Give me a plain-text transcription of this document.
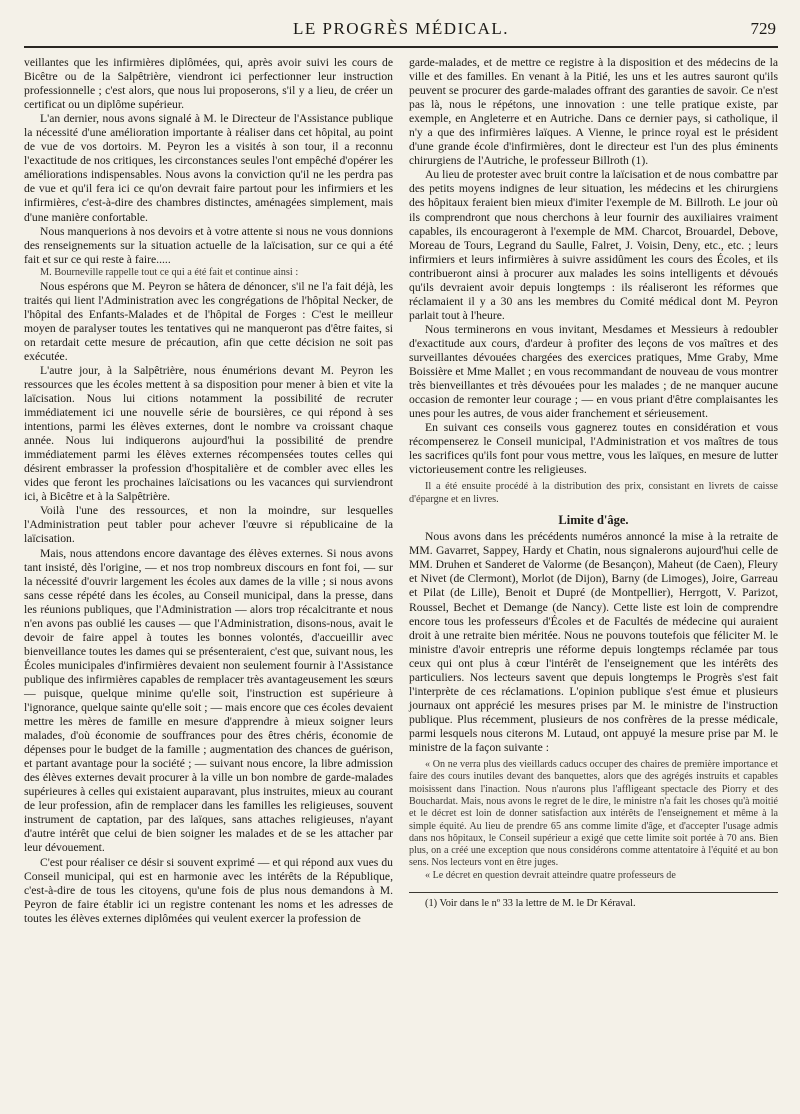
LE PROGRÈS MÉDICAL.	729

veillantes que les infirmières diplômées, qui, après avoir suivi les cours de Bicêtre ou de la Salpêtrière, viendront ici perfectionner leur instruction professionnelle ; c'est alors, que nous lui proposerons, s'il y a lieu, de créer un certificat ou un diplôme supérieur.

L'an dernier, nous avons signalé à M. le Directeur de l'Assistance publique la nécessité d'une amélioration importante à réaliser dans cet hôpital, au point de vue de vos dortoirs. M. Peyron les a visités à son tour, il a reconnu l'exactitude de nos critiques, les circonstances seules l'ont empêché d'opérer les améliorations indispensables. Nous avons la conviction qu'il ne les perdra pas de vue et qu'il fera ici ce qu'on devrait faire partout pour les infirmiers et les infirmières, c'est-à-dire des chambres distinctes, aménagées simplement, mais d'une manière confortable.

Nous manquerions à nos devoirs et à votre attente si nous ne vous donnions des renseignements sur la situation actuelle de la laïcisation, sur ce qui a été fait et sur ce qui reste à faire.....

M. Bourneville rappelle tout ce qui a été fait et continue ainsi :

Nous espérons que M. Peyron se hâtera de dénoncer, s'il ne l'a fait déjà, les traités qui lient l'Administration avec les congrégations de l'hôpital Necker, de l'hôpital des Enfants-Malades et de l'hôpital de Forges : C'est le meilleur moyen de paralyser toutes les tentatives qui ne manqueront pas d'être faites, si on retardait cette mesure de précaution, afin que cette décision ne soit pas exécutée.

L'autre jour, à la Salpêtrière, nous énumérions devant M. Peyron les ressources que les écoles mettent à sa disposition pour mener à bien et vite la laïcisation. Nous lui citions notamment la possibilité de recruter immédiatement ici une nouvelle série de boursières, ce qui répond à ses intentions, parmi les élèves externes, dont le nombre va croissant chaque année. Nous lui indiquerons aujourd'hui la possibilité de prendre immédiatement parmi les élèves externes récompensées toutes celles qui désirent embrasser la profession d'hospitalière et de combler avec elles les vides que feront les prochaines laïcisations ou les vacances qui surviendront ici, à Bicêtre et à la Salpêtrière.

Voilà l'une des ressources, et non la moindre, sur lesquelles l'Administration peut tabler pour achever l'œuvre si républicaine de la laïcisation.

Mais, nous attendons encore davantage des élèves externes. Si nous avons tant insisté, dès l'origine, — et nos trop nombreux discours en font foi, — sur la nécessité d'ouvrir largement les écoles aux dames de la ville ; si nous avons sans cesse répété dans les écoles, au Conseil municipal, dans la presse, dans les réunions publiques, que l'Administration — alors trop récalcitrante et nous n'en avons pas oublié les causes — que l'Administration, disons-nous, avait le devoir de faire appel à toutes les bonnes volontés, d'accueillir avec bienveillance toutes les dames qui se présenteraient, c'est que, suivant nous, les Écoles municipales d'infirmières devaient non seulement fournir à l'Assistance publique des infirmières capables de remplacer très avantageusement les sœurs — puisque, quelque minime qu'elle soit, l'instruction est supérieure à l'ignorance, quelque sainte qu'elle soit ; — mais encore que ces écoles devaient mettre les mères de famille en mesure d'apprendre à mieux soigner leurs malades, d'où économie de souffrances pour des êtres chéris, économie de dépenses pour le budget de la famille ; augmentation des chances de guérison, et partant avantage pour la société ; — suivant nous encore, la libre admission des élèves externes devait procurer à la ville un bon nombre de garde-malades supérieures à celles qui existaient auparavant, plus instruites, mieux au courant de leur profession, afin de remplacer dans les familles les religieuses, souvent instrument de captation, par des laïques, sans attaches religieuses, n'ayant d'autre intérêt que celui de bien soigner les malades et de se les attacher par leur dévouement.

C'est pour réaliser ce désir si souvent exprimé — et qui répond aux vues du Conseil municipal, qui est en harmonie avec les intérêts de la République, c'est-à-dire de tous les citoyens, qu'une fois de plus nous demandons à M. Peyron de faire établir ici un registre contenant les noms et les adresses de toutes les élèves externes diplômées qui veulent exercer la profession de

garde-malades, et de mettre ce registre à la disposition et des médecins de la ville et des familles. En venant à la Pitié, les uns et les autres sauront qu'ils peuvent se procurer des garde-malades offrant des garanties de savoir. Ce n'est pas là, nous le répétons, une innovation : une telle pratique existe, par exemple, en Angleterre et en Autriche. Dans ce dernier pays, si catholique, il n'y a que des infirmières laïques. A Vienne, le prince royal est le président d'une grande école d'infirmières, dont le directeur est l'un des plus éminents chirurgiens de l'Autriche, le professeur Billroth (1).

Au lieu de protester avec bruit contre la laïcisation et de nous combattre par des petits moyens indignes de leur situation, les médecins et les chirurgiens des hôpitaux feraient bien mieux d'imiter l'exemple de M. Billroth. Le jour où ils comprendront que nous cherchons à leur fournir des auxiliaires vraiment capables, ils encourageront à l'exemple de MM. Charcot, Brouardel, Debove, Moreau de Tours, Legrand du Saulle, Falret, J. Voisin, Deny, etc., etc. ; leurs infirmiers et leurs infirmières à suivre assidûment les cours des Écoles, et ils contribueront ainsi à procurer aux malades les soins intelligents et dévoués qu'ils devraient avoir depuis longtemps : ils réaliseront les réformes que réclamaient il y a 30 ans les membres du Comité médical dont M. Peyron parlait tout à l'heure.

Nous terminerons en vous invitant, Mesdames et Messieurs à redoubler d'exactitude aux cours, d'ardeur à profiter des leçons de vos maîtres et des surveillantes dévouées chargées des exercices pratiques, Mme Graby, Mme Boissière et Mme Mallet ; en vous recommandant de nouveau de vous montrer très bienveillantes et très dévouées pour les malades ; de ne manquer aucune occasion de remonter leur courage ; — en vous priant d'être complaisantes les unes pour les autres, de vous aider franchement et sérieusement.

En suivant ces conseils vous gagnerez toutes en considération et vous récompenserez le Conseil municipal, l'Administration et vos maîtres de tous les sacrifices qu'ils font pour vous mettre, vous les laïques, en mesure de lutter victorieusement contre les religieuses.

Il a été ensuite procédé à la distribution des prix, consistant en livrets de caisse d'épargne et en livres.

Limite d'âge.

Nous avons dans les précédents numéros annoncé la mise à la retraite de MM. Gavarret, Sappey, Hardy et Chatin, nous signalerons aujourd'hui celle de MM. Druhen et Sanderet de Valorme (de Besançon), Maheut (de Caen), Fleury et Nivet (de Clermont), Morlot (de Dijon), Barny (de Limoges), Joire, Garreau et Pilat (de Lille), Benoit et Dupré (de Montpellier), Herrgott, V. Parizot, Roussel, Bechet et Demange (de Nancy). Cette liste est loin de comprendre encore tous les professeurs d'Écoles et de Facultés de médecine qui auraient droit à une retraite bien méritée. Nous ne pouvons toutefois que féliciter M. le ministre d'avoir entrepris une réforme depuis longtemps réclamée par tous ceux qui ont plus à cœur l'intérêt de l'enseignement que les intérêts des particuliers. Nos lecteurs savent que depuis longtemps le Progrès s'est fait l'interprète de ces réclamations. L'opinion publique s'est émue et plusieurs journaux ont apprécié les mesures prises par M. le ministre de l'instruction publique. Plus récemment, plusieurs de nos confrères de la presse médicale, parmi lesquels nous citerons M. Lutaud, ont appuyé la mesure prise par M. le ministre de la façon suivante :

« On ne verra plus des vieillards caducs occuper des chaires de première importance et faire des cours inutiles devant des banquettes, alors que des agrégés instruits et capables moisissent dans l'inaction. Nous n'aurons plus l'affligeant spectacle des Piorry et des Bouchardat. Mais, nous avons le regret de le dire, le ministre n'a fait les choses qu'à moitié et le décret est loin de donner satisfaction aux intérêts de l'enseignement et même à la simple équité. Au lieu de prendre 65 ans comme limite d'âge, et d'accepter l'usage admis dans nos hôpitaux, le Conseil supérieur a exigé que cette limite soit portée à 70 ans. Bien plus, on a créé une exception que nous considérons comme attentatoire à l'équité et au bon sens. Nos lecteurs vont en être juges.

« Le décret en question devrait atteindre quatre professeurs de

(1) Voir dans le nº 33 la lettre de M. le Dr Kéraval.
